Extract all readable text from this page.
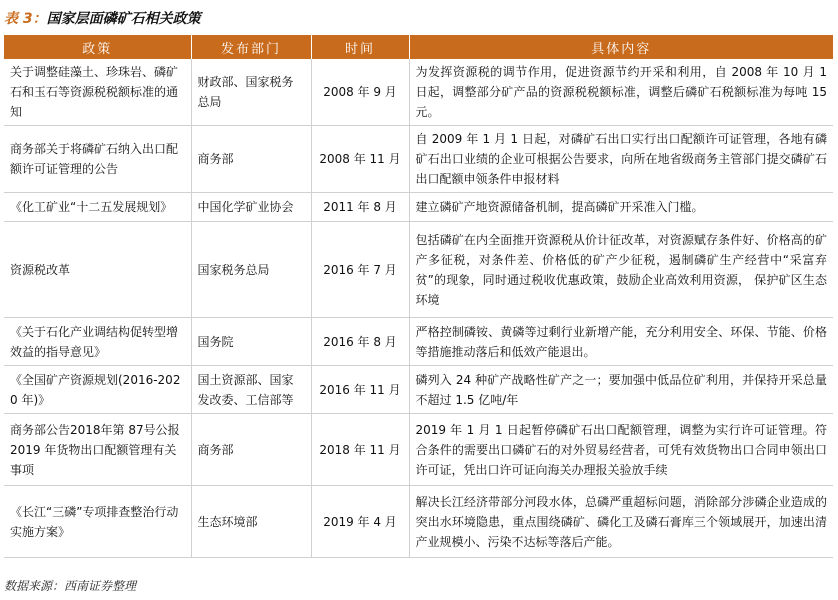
表 3：国家层面磷矿石相关政策
政策	发布部门	时间	具体内容
关于调整硅藻土、珍珠岩、磷矿石和玉石等资源税税额标准的通知	财政部、国家税务总局	2008 年 9 月	为发挥资源税的调节作用，促进资源节约开采和利用，自 2008 年 10 月 1 日起，调整部分矿产品的资源税税额标准，调整后磷矿石税额标准为每吨 15 元。
商务部关于将磷矿石纳入出口配额许可证管理的公告	商务部	2008 年 11 月	自 2009 年 1 月 1 日起，对磷矿石出口实行出口配额许可证管理，各地有磷矿石出口业绩的企业可根据公告要求，向所在地省级商务主管部门提交磷矿石出口配额申领条件申报材料
《化工矿业“十二五发展规划》	中国化学矿业协会	2011 年 8 月	建立磷矿产地资源储备机制，提高磷矿开采准入门槛。
资源税改革	国家税务总局	2016 年 7 月	包括磷矿在内全面推开资源税从价计征改革，对资源赋存条件好、价格高的矿产多征税，对条件差、价格低的矿产少征税，遏制磷矿生产经营中“采富弃贫”的现象，同时通过税收优惠政策，鼓励企业高效利用资源， 保护矿区生态环境
《关于石化产业调结构促转型增效益的指导意见》	国务院	2016 年 8 月	严格控制磷铵、黄磷等过剩行业新增产能，充分利用安全、环保、节能、价格等措施推动落后和低效产能退出。
《全国矿产资源规划(2016-2020 年)》	国土资源部、国家发改委、工信部等	2016 年 11 月	磷列入 24 种矿产战略性矿产之一；要加强中低品位矿利用，并保持开采总量不超过 1.5 亿吨/年
商务部公告2018年第 87号公报 2019 年货物出口配额管理有关事项	商务部	2018 年 11 月	2019 年 1 月 1 日起暂停磷矿石出口配额管理，调整为实行许可证管理。符合条件的需要出口磷矿石的对外贸易经营者，可凭有效货物出口合同申领出口许可证，凭出口许可证向海关办理报关验放手续
《长江“三磷”专项排查整治行动实施方案》	生态环境部	2019 年 4 月	解决长江经济带部分河段水体，总磷严重超标问题，消除部分涉磷企业造成的突出水环境隐患，重点围绕磷矿、磷化工及磷石膏库三个领域展开，加速出清产业规模小、污染不达标等落后产能。
数据来源：西南证券整理
